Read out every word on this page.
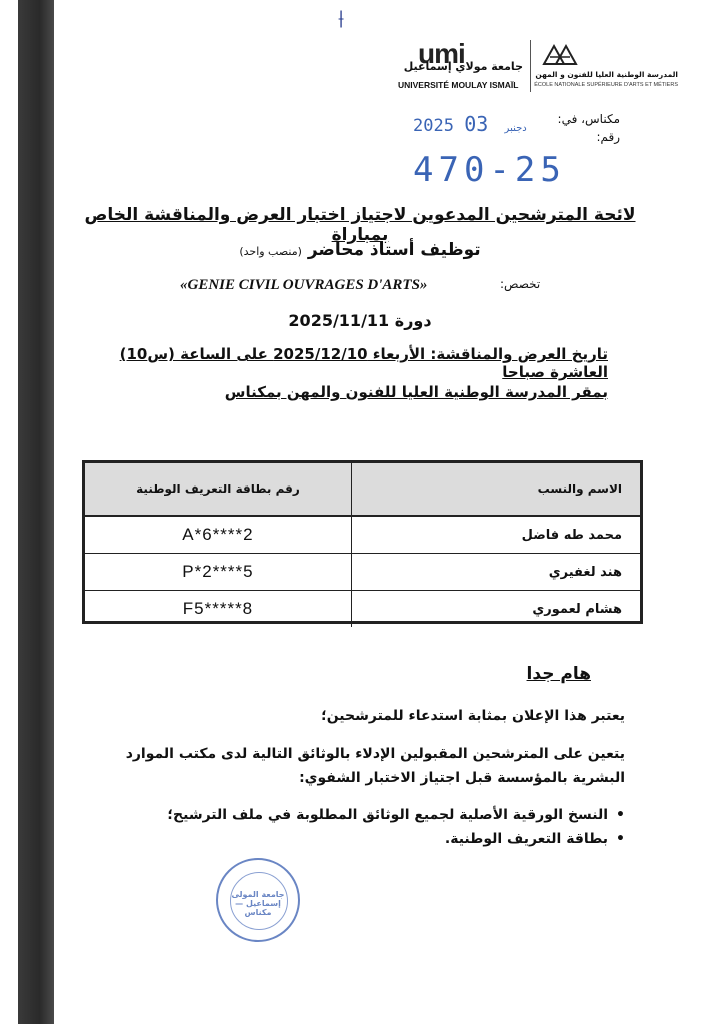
⟊
umi
جامعة مولاي إسماعيل
UNIVERSITÉ MOULAY ISMAÏL
المدرسة الوطنية العليا للفنون و المهن
ÉCOLE NATIONALE SUPÉRIEURE D'ARTS ET MÉTIERS
مكناس، في:
رقم:
2025	دجنبر 03
470-25
لائحة المترشحين المدعوين لاجتياز اختبار العرض والمناقشة الخاص بمباراة
توظيف أستاذ محاضر (منصب واحد)
تخصص:
«GENIE CIVIL OUVRAGES D'ARTS»
دورة 2025/11/11
تاريخ العرض والمناقشة: الأربعاء 2025/12/10 على الساعة (س10) العاشرة صباحا
بمقر المدرسة الوطنية العليا للفنون والمهن بمكناس
الاسم والنسب	رقم بطاقة التعريف الوطنية
محمد طه فاضل	A*6****2
هند لغفيري	P*2****5
هشام لعموري	F5*****8
هام جدا
يعتبر هذا الإعلان بمثابة استدعاء للمترشحين؛
يتعين على المترشحين المقبولين الإدلاء بالوثائق التالية لدى مكتب الموارد البشرية بالمؤسسة قبل اجتياز الاختبار الشفوي:
• النسخ الورقية الأصلية لجميع الوثائق المطلوبة في ملف الترشيح؛
• بطاقة التعريف الوطنية.
جامعة المولى إسماعيل — مكناس
